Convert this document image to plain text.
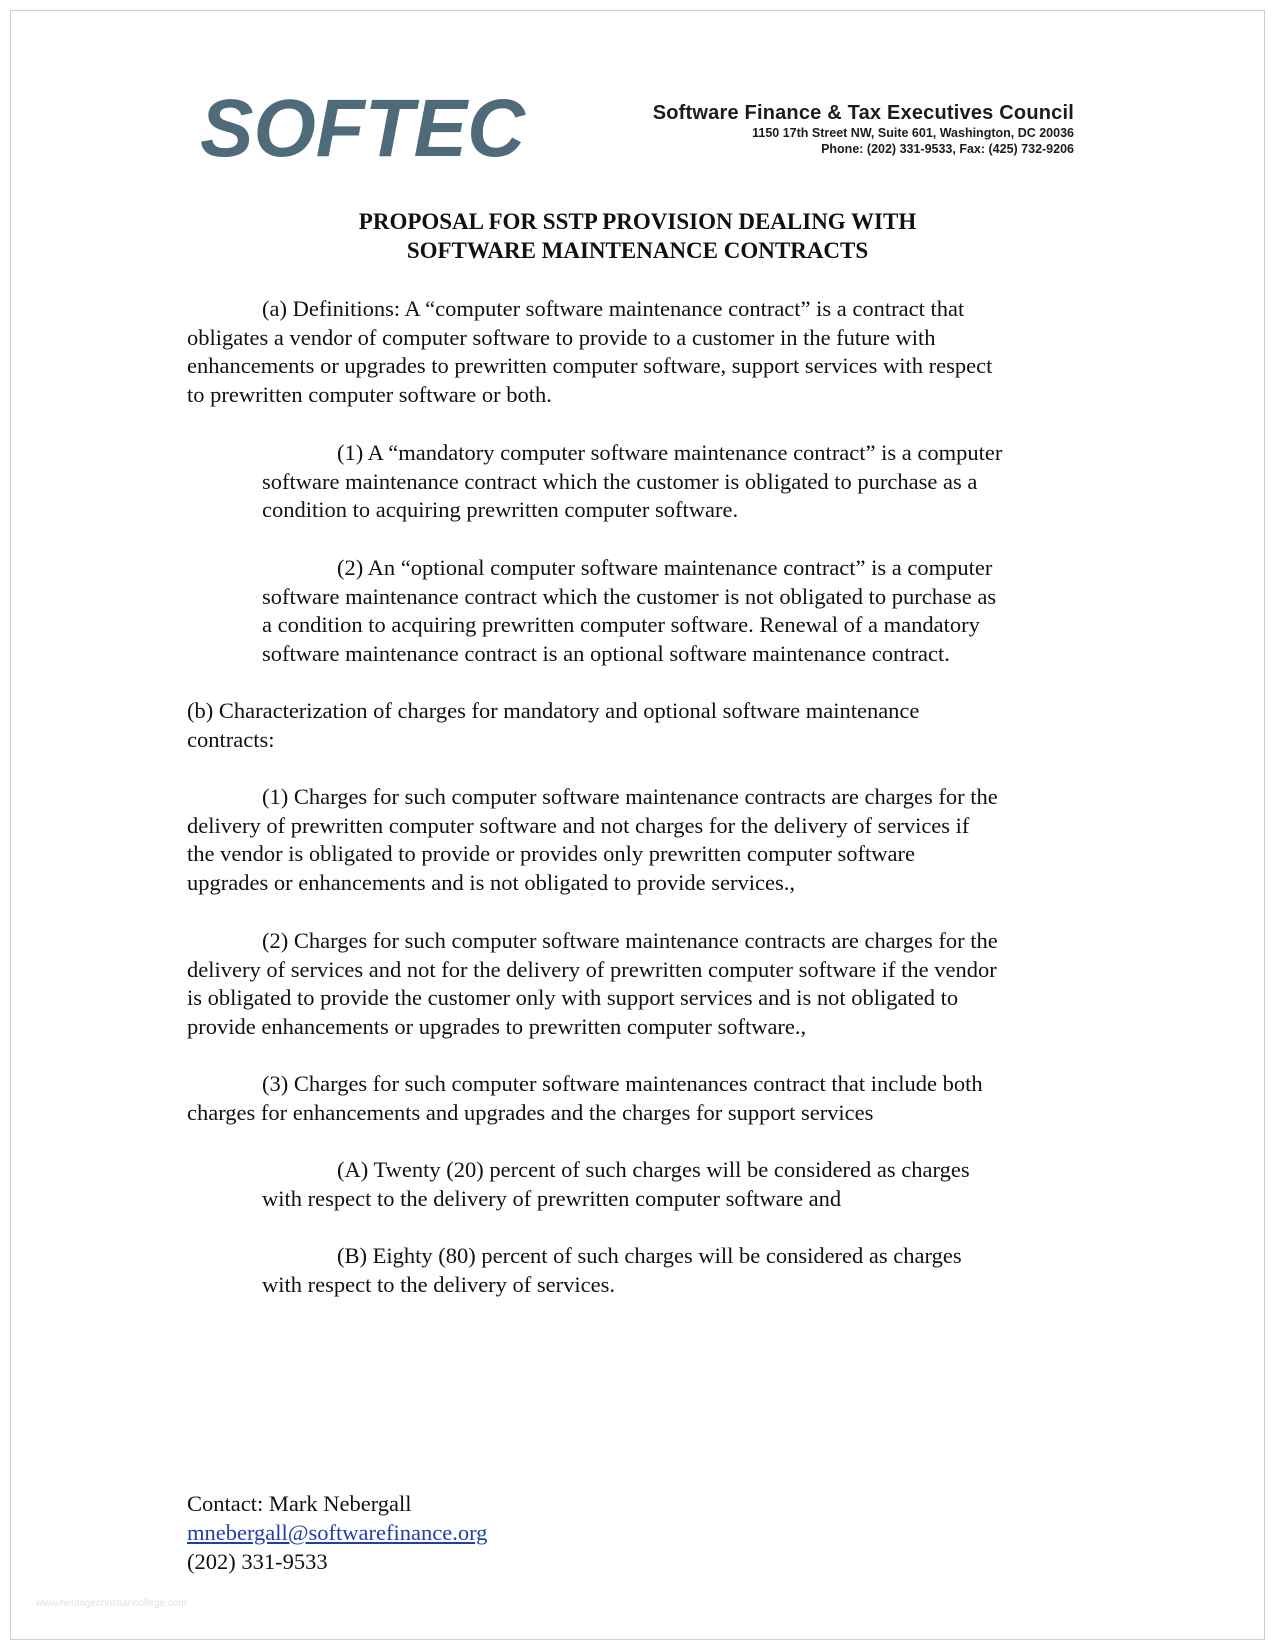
SOFTEC	Software Finance & Tax Executives Council
1150 17th Street NW, Suite 601, Washington, DC 20036
Phone: (202) 331-9533, Fax: (425) 732-9206
PROPOSAL FOR SSTP PROVISION DEALING WITH
SOFTWARE MAINTENANCE CONTRACTS
(a) Definitions: A “computer software maintenance contract” is a contract that
obligates a vendor of computer software to provide to a customer in the future with
enhancements or upgrades to prewritten computer software, support services with respect
to prewritten computer software or both.
(1) A “mandatory computer software maintenance contract” is a computer
software maintenance contract which the customer is obligated to purchase as a
condition to acquiring prewritten computer software.
(2) An “optional computer software maintenance contract” is a computer
software maintenance contract which the customer is not obligated to purchase as
a condition to acquiring prewritten computer software. Renewal of a mandatory
software maintenance contract is an optional software maintenance contract.
(b) Characterization of charges for mandatory and optional software maintenance
contracts:
(1) Charges for such computer software maintenance contracts are charges for the
delivery of prewritten computer software and not charges for the delivery of services if
the vendor is obligated to provide or provides only prewritten computer software
upgrades or enhancements and is not obligated to provide services.,
(2) Charges for such computer software maintenance contracts are charges for the
delivery of services and not for the delivery of prewritten computer software if the vendor
is obligated to provide the customer only with support services and is not obligated to
provide enhancements or upgrades to prewritten computer software.,
(3) Charges for such computer software maintenances contract that include both
charges for enhancements and upgrades and the charges for support services
(A) Twenty (20) percent of such charges will be considered as charges
with respect to the delivery of prewritten computer software and
(B) Eighty (80) percent of such charges will be considered as charges
with respect to the delivery of services.
Contact: Mark Nebergall
mnebergall@softwarefinance.org
(202) 331-9533
www.heritagechristiancollege.com
